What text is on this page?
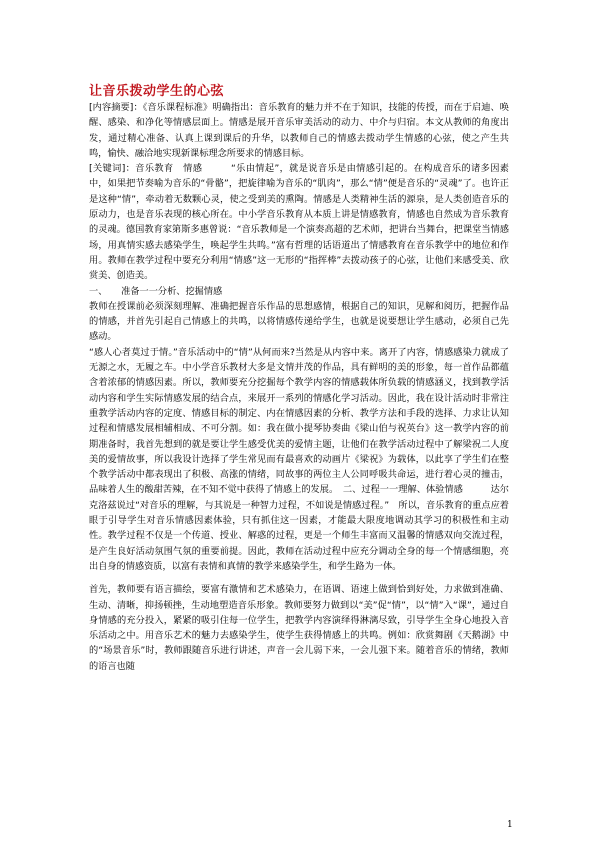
让音乐拨动学生的心弦

[内容摘要]：《音乐课程标准》明确指出：音乐教育的魅力并不在于知识，技能的传授，而在于启迪、唤醒、感染、和净化等情感层面上。情感是展开音乐审美活动的动力、中介与归宿。本文从教师的角度出发，通过精心准备、认真上课到课后的升华，以教师自己的情感去拨动学生情感的心弦，使之产生共鸣，愉快、融洽地实现新课标理念所要求的情感目标。

[关键词]：音乐教育　情感　　　“乐由情起”，就是说音乐是由情感引起的。在构成音乐的诸多因素中，如果把节奏喻为音乐的“骨骼”，把旋律喻为音乐的“肌肉”，那么“情”便是音乐的“灵魂”了。也许正是这种“情”，牵动着无数颗心灵，使之受到美的熏陶。情感是人类精神生活的源泉，是人类创造音乐的原动力，也是音乐表现的核心所在。中小学音乐教育从本质上讲是情感教育，情感也自然成为音乐教育的灵魂。德国教育家第斯多惠曾说：“音乐教师是一个演奏高超的艺术师，把讲台当舞台，把课堂当情感场，用真情实感去感染学生，唤起学生共鸣。”富有哲理的话语道出了情感教育在音乐教学中的地位和作用。教师在教学过程中要充分利用“情感”这一无形的“指挥棒”去拨动孩子的心弦，让他们来感受美、欣赏美、创造美。

一、　　准备一一分析、挖掘情感

教师在授课前必须深刻理解、准确把握音乐作品的思想感情，根据自己的知识，见解和阅历，把握作品的情感，并首先引起自己情感上的共鸣，以将情感传递给学生，也就是说要想让学生感动，必须自己先感动。

“感人心者莫过于情。”音乐活动中的“情”从何而来?当然是从内容中来。离开了内容，情感感染力就成了无源之水，无履之车。中小学音乐教材大多是文情并茂的作品，具有鲜明的美的形象，每一首作品都蕴含着浓郁的情感因素。所以，教师要充分挖掘每个教学内容的情感载体所负载的情感涵义，找到教学活动内容和学生实际情感发展的结合点，来展开一系列的情感化学习活动。因此，我在设计活动时非常注重教学活动内容的定度、情感目标的制定、内在情感因素的分析、教学方法和手段的选择、力求让认知过程和情感发展相辅相成、不可分割。如：我在做小提琴协奏曲《梁山伯与祝英台》这一教学内容的前期准备时，我首先想到的就是要让学生感受优美的爱情主题，让他们在教学活动过程中了解梁祝二人度美的爱情故事，所以我设计选择了学生常见而有最喜欢的动画片《梁祝》为载体，以此享了学生们在整个教学活动中都表现出了积极、高涨的情绪，同故事的两位主人公同呼吸共命运，进行着心灵的撞击，品味着人生的酸甜苦辣，在不知不觉中获得了情感上的发展。　二、过程一一理解、体验情感　　　达尔克洛兹说过“对音乐的理解，与其说是一种智力过程，不如说是情感过程。”　所以，音乐教育的重点应着眼于引导学生对音乐情感因素体验，只有抓住这一因素，才能最大限度地调动其学习的积极性和主动性。教学过程不仅是一个传道、授业、解惑的过程，更是一个师生丰富而又温馨的情感双向交流过程，是产生良好活动氛围气氛的重要前提。因此，教师在活动过程中应充分调动全身的每一个情感细胞，亮出自身的情感资质，以富有表情和真情的教学来感染学生，和学生路为一体。

首先，教师要有语言描绘，要富有激情和艺术感染力，在语调、语速上做到恰到好处，力求做到准确、生动、清晰，抑扬顿挫，生动地塑造音乐形象。教师要努力做到以“美”促“情”，以“情”入“课”，通过自身情感的充分投入，紧紧的吸引住每一位学生，把教学内容演绎得淋漓尽致，引导学生全身心地投入音乐活动之中。用音乐艺术的魅力去感染学生，使学生获得情感上的共鸣。例如：欣赏舞剧《天鹅湖》中的“场景音乐”时，教师跟随音乐进行讲述，声音一会儿弱下来，一会儿强下来。随着音乐的情绪，教师的语言也随

1
